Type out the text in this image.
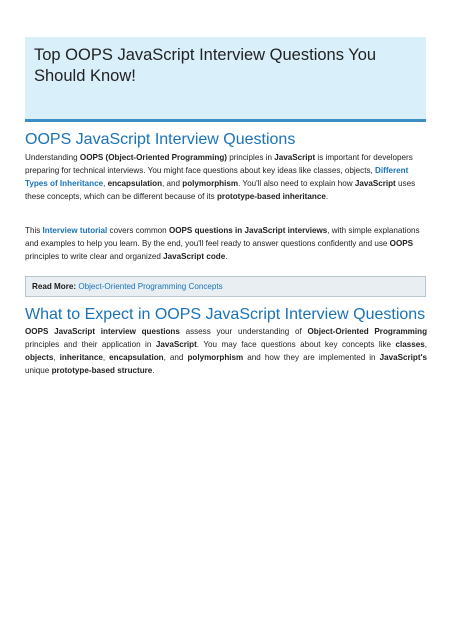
Top OOPS JavaScript Interview Questions You Should Know!
OOPS JavaScript Interview Questions

Understanding OOPS (Object-Oriented Programming) principles in JavaScript is important for developers preparing for technical interviews. You might face questions about key ideas like classes, objects, Different Types of Inheritance, encapsulation, and polymorphism. You'll also need to explain how JavaScript uses these concepts, which can be different because of its prototype-based inheritance.

This Interview tutorial covers common OOPS questions in JavaScript interviews, with simple explanations and examples to help you learn. By the end, you'll feel ready to answer questions confidently and use OOPS principles to write clear and organized JavaScript code.

Read More: Object-Oriented Programming Concepts
What to Expect in OOPS JavaScript Interview Questions

OOPS JavaScript interview questions assess your understanding of Object-Oriented Programming principles and their application in JavaScript. You may face questions about key concepts like classes, objects, inheritance, encapsulation, and polymorphism and how they are implemented in JavaScript's unique prototype-based structure.
